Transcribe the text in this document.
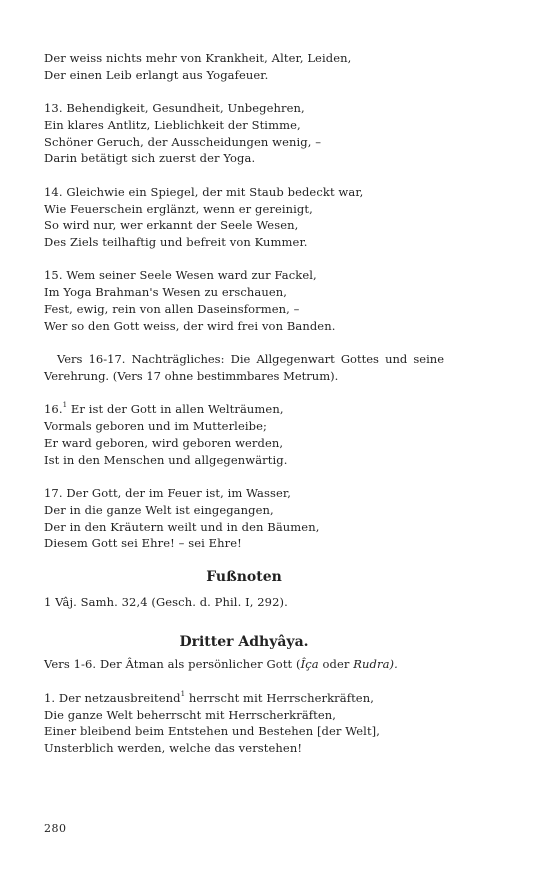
Der weiss nichts mehr von Krankheit, Alter, Leiden,
Der einen Leib erlangt aus Yogafeuer.
13. Behendigkeit, Gesundheit, Unbegehren,
Ein klares Antlitz, Lieblichkeit der Stimme,
Schöner Geruch, der Ausscheidungen wenig, –
Darin betätigt sich zuerst der Yoga.
14. Gleichwie ein Spiegel, der mit Staub bedeckt war,
Wie Feuerschein erglänzt, wenn er gereinigt,
So wird nur, wer erkannt der Seele Wesen,
Des Ziels teilhaftig und befreit von Kummer.
15. Wem seiner Seele Wesen ward zur Fackel,
Im Yoga Brahman's Wesen zu erschauen,
Fest, ewig, rein von allen Daseinsformen, –
Wer so den Gott weiss, der wird frei von Banden.
Vers 16-17. Nachträgliches: Die Allgegenwart Gottes und seine Verehrung. (Vers 17 ohne bestimmbares Metrum).
16.$^1$ Er ist der Gott in allen Welträumen,
Vormals geboren und im Mutterleibe;
Er ward geboren, wird geboren werden,
Ist in den Menschen und allgegenwärtig.
17. Der Gott, der im Feuer ist, im Wasser,
Der in die ganze Welt ist eingegangen,
Der in den Kräutern weilt und in den Bäumen,
Diesem Gott sei Ehre! – sei Ehre!
Fußnoten
1 Vâj. Samh. 32,4 (Gesch. d. Phil. I, 292).
Dritter Adhyâya.
Vers 1-6. Der Âtman als persönlicher Gott (Îça oder Rudra).
1. Der netzausbreitend$^1$ herrscht mit Herrscherkräften,
Die ganze Welt beherrscht mit Herrscherkräften,
Einer bleibend beim Entstehen und Bestehen [der Welt],
Unsterblich werden, welche das verstehen!
280
